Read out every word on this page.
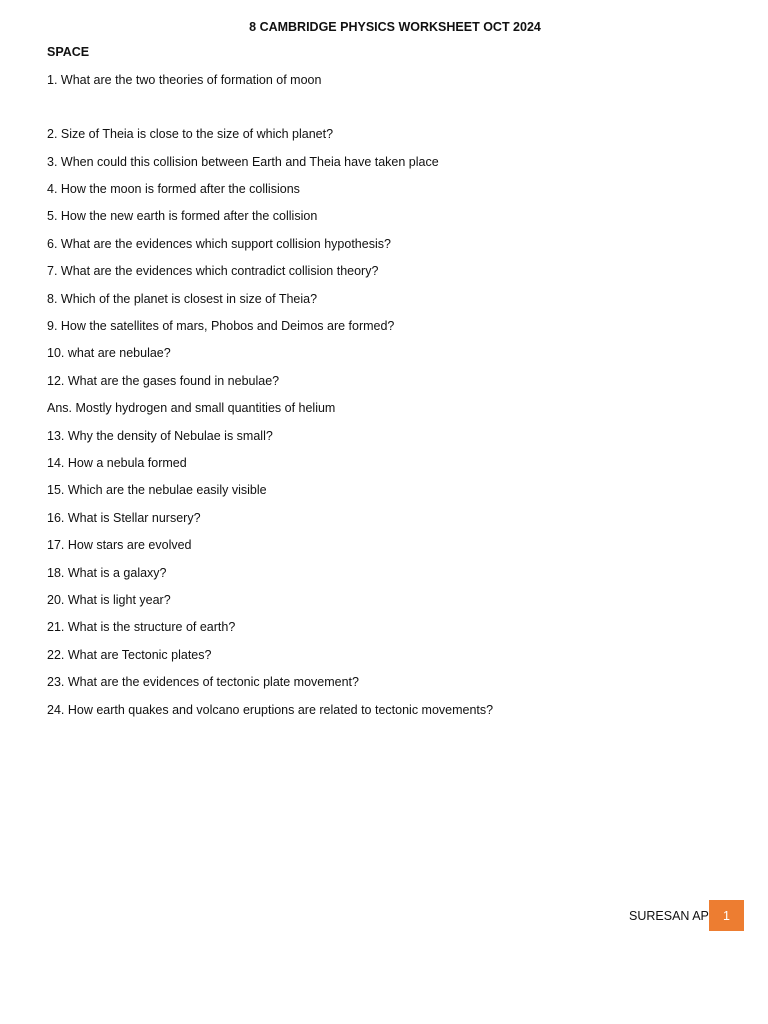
8 CAMBRIDGE PHYSICS WORKSHEET OCT 2024
SPACE
1. What are the two theories of formation of moon
2. Size of Theia is close to the size of which planet?
3. When could this collision between Earth and Theia have taken place
4. How the moon is formed after the collisions
5. How the new earth is formed after the collision
6. What are the evidences which support collision hypothesis?
7. What are the evidences which contradict collision theory?
8. Which of the planet is closest in size of Theia?
9. How the satellites of mars, Phobos and Deimos are formed?
10. what are nebulae?
12. What are the gases found in nebulae?
Ans. Mostly hydrogen and small quantities of helium
13. Why the density of Nebulae is small?
14. How a nebula formed
15. Which are the nebulae easily visible
16. What is Stellar nursery?
17. How stars are evolved
18. What is a galaxy?
20. What is light year?
21. What is the structure of earth?
22. What are Tectonic plates?
23. What are the evidences of tectonic plate movement?
24. How earth quakes and volcano eruptions are related to tectonic movements?
SURESAN AP	1
